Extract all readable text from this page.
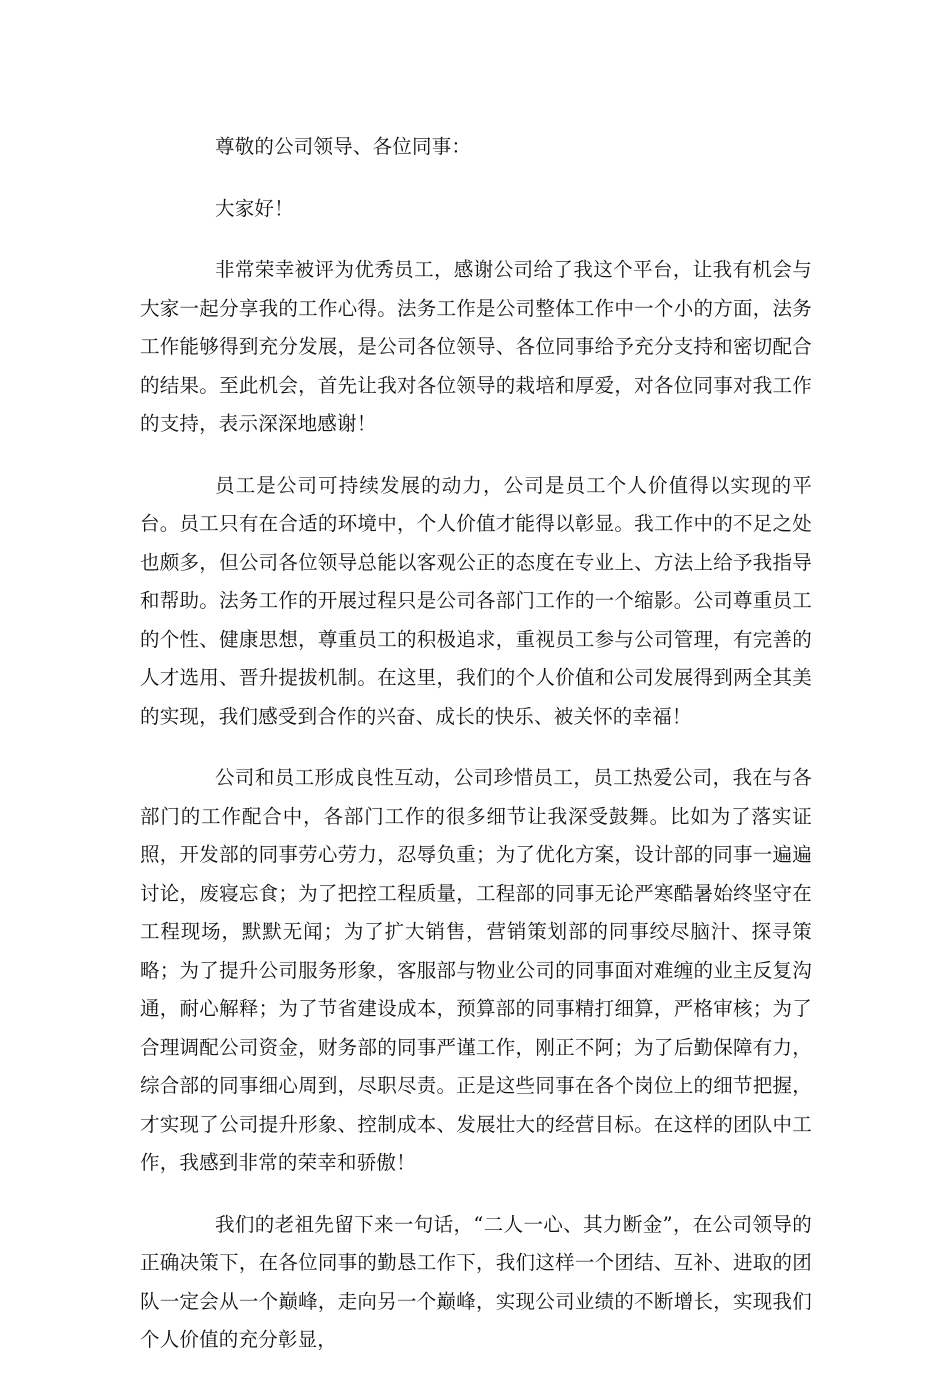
尊敬的公司领导、各位同事：

大家好！

非常荣幸被评为优秀员工，感谢公司给了我这个平台，让我有机会与大家一起分享我的工作心得。法务工作是公司整体工作中一个小的方面，法务工作能够得到充分发展，是公司各位领导、各位同事给予充分支持和密切配合的结果。至此机会，首先让我对各位领导的栽培和厚爱，对各位同事对我工作的支持，表示深深地感谢！

员工是公司可持续发展的动力，公司是员工个人价值得以实现的平台。员工只有在合适的环境中，个人价值才能得以彰显。我工作中的不足之处也颇多，但公司各位领导总能以客观公正的态度在专业上、方法上给予我指导和帮助。法务工作的开展过程只是公司各部门工作的一个缩影。公司尊重员工的个性、健康思想，尊重员工的积极追求，重视员工参与公司管理，有完善的人才选用、晋升提拔机制。在这里，我们的个人价值和公司发展得到两全其美的实现，我们感受到合作的兴奋、成长的快乐、被关怀的幸福！

公司和员工形成良性互动，公司珍惜员工，员工热爱公司，我在与各部门的工作配合中，各部门工作的很多细节让我深受鼓舞。比如为了落实证照，开发部的同事劳心劳力，忍辱负重；为了优化方案，设计部的同事一遍遍讨论，废寝忘食；为了把控工程质量，工程部的同事无论严寒酷暑始终坚守在工程现场，默默无闻；为了扩大销售，营销策划部的同事绞尽脑汁、探寻策略；为了提升公司服务形象，客服部与物业公司的同事面对难缠的业主反复沟通，耐心解释；为了节省建设成本，预算部的同事精打细算，严格审核；为了合理调配公司资金，财务部的同事严谨工作，刚正不阿；为了后勤保障有力，综合部的同事细心周到，尽职尽责。正是这些同事在各个岗位上的细节把握，才实现了公司提升形象、控制成本、发展壮大的经营目标。在这样的团队中工作，我感到非常的荣幸和骄傲！

我们的老祖先留下来一句话，“二人一心、其力断金”，在公司领导的正确决策下，在各位同事的勤恳工作下，我们这样一个团结、互补、进取的团队一定会从一个巅峰，走向另一个巅峰，实现公司业绩的不断增长，实现我们个人价值的充分彰显，
